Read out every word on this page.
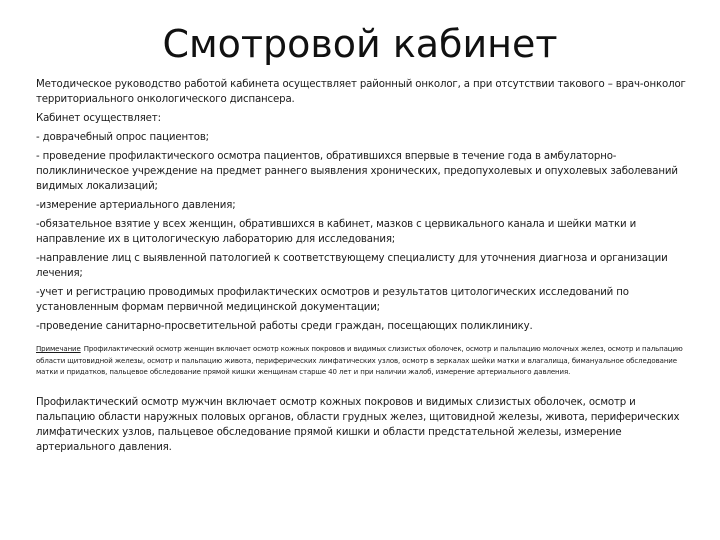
Смотровой кабинет

Методическое руководство работой кабинета осуществляет районный онколог, а при отсутствии такового – врач-онколог территориального онкологического диспансера.

Кабинет осуществляет:

- доврачебный опрос пациентов;

- проведение профилактического осмотра пациентов, обратившихся впервые в течение года в амбулаторно-поликлиническое учреждение на предмет раннего выявления хронических, предопухолевых и опухолевых заболеваний видимых локализаций;

-измерение артериального давления;

-обязательное взятие у всех женщин, обратившихся в кабинет, мазков с цервикального канала и шейки матки и направление их в цитологическую лабораторию для исследования;

-направление лиц с выявленной патологией к соответствующему специалисту для уточнения диагноза и организации лечения;

-учет и регистрацию проводимых профилактических осмотров и результатов цитологических исследований по установленным формам первичной медицинской документации;

-проведение санитарно-просветительной работы среди граждан, посещающих поликлинику.

Примечание Профилактический осмотр женщин включает осмотр кожных покровов и видимых слизистых оболочек, осмотр и пальпацию молочных желез, осмотр и пальпацию области щитовидной железы, осмотр и пальпацию живота, периферических лимфатических узлов, осмотр в зеркалах шейки матки и влагалища, бимануальное обследование матки и придатков, пальцевое обследование прямой кишки женщинам старше 40 лет и при наличии жалоб, измерение артериального давления.

Профилактический осмотр мужчин включает осмотр кожных покровов и видимых слизистых оболочек, осмотр и пальпацию области наружных половых органов, области грудных желез, щитовидной железы, живота, периферических лимфатических узлов, пальцевое обследование прямой кишки и области предстательной железы, измерение артериального давления.
